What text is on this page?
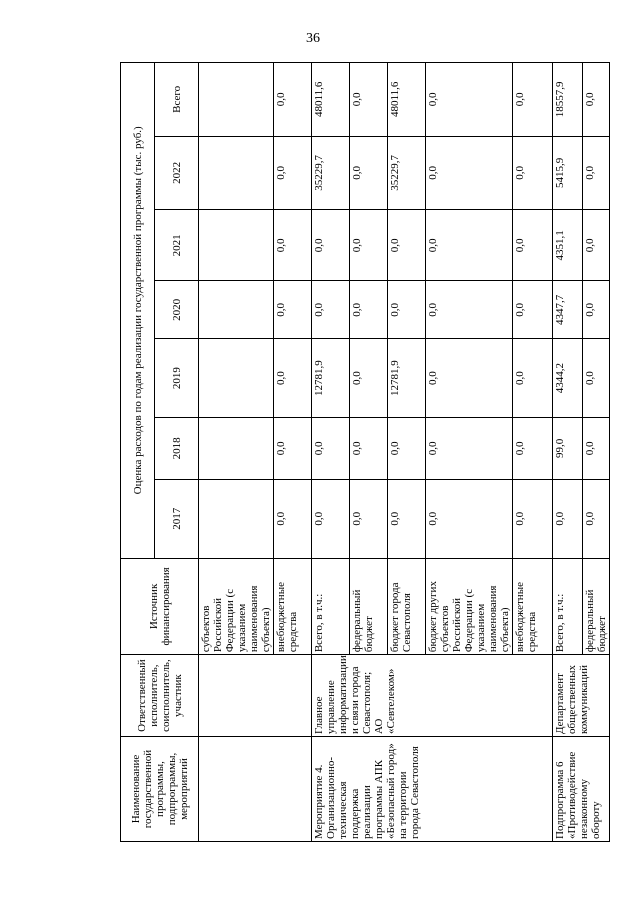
36
Наименование государственной программы, подпрограммы, мероприятий	Ответственный исполнитель, соисполнитель, участник	Источник финансирования	Оценка расходов по годам реализации государственной программы (тыс. руб.)						
			2017	2018	2019	2020	2021	2022	Всего
		субъектов Российской Федерации (с указанием наименования субъекта)							
		внебюджетные средства	0,0	0,0	0,0	0,0	0,0	0,0	0,0
Мероприятие 4. Организационно-техническая поддержка реализации программы АПК «Безопасный город» на территории города Севастополя	Главное управление информатизации и связи города Севастополя; АО «Севтелеком»	Всего, в т.ч.:	0,0	0,0	12781,9	0,0	0,0	35229,7	48011,6
		федеральный бюджет	0,0	0,0	0,0	0,0	0,0	0,0	0,0
		бюджет города Севастополя	0,0	0,0	12781,9	0,0	0,0	35229,7	48011,6
		бюджет других субъектов Российской Федерации (с указанием наименования субъекта)	0,0	0,0	0,0	0,0	0,0	0,0	0,0
		внебюджетные средства	0,0	0,0	0,0	0,0	0,0	0,0	0,0
Подпрограмма 6 «Противодействие незаконному обороту	Департамент общественных коммуникаций	Всего, в т.ч.:	0,0	99,0	4344,2	4347,7	4351,1	5415,9	18557,9
		федеральный бюджет	0,0	0,0	0,0	0,0	0,0	0,0	0,0
